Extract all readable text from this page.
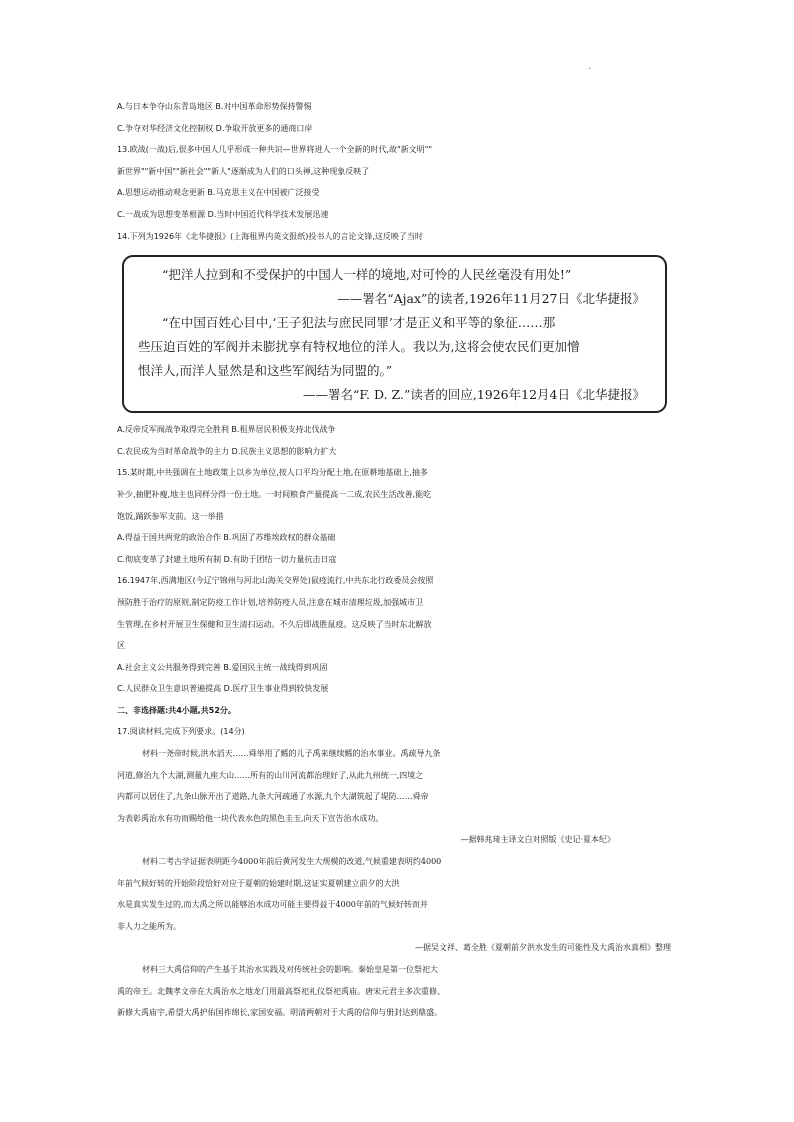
·
A.与日本争夺山东青岛地区 B.对中国革命形势保持警惕
C.争夺对华经济文化控制权 D.争取开放更多的通商口岸
13.欧战(一战)后,很多中国人几乎形成一种共识—世界将进人一个全新的时代,故"新文明""
新世界""新中国""新社会""新人"逐渐成为人们的口头禅,这种现象反映了
A.思想运动推动观念更新 B.马克思主义在中国被广泛接受
C.一战成为思想变革根源 D.当时中国近代科学技术发展迅速
14.下列为1926年《北华捷报》(上海租界内英文报纸)投书人的言论文锋,这反映了当时
“把洋人拉到和不受保护的中国人一样的境地,对可怜的人民丝毫没有用处!”
——署名“Ajax”的读者,1926年11月27日《北华捷报》
“在中国百姓心目中,‘王子犯法与庶民同罪’才是正义和平等的象征……那
些压迫百姓的军阀并未膨扰享有特权地位的洋人。我以为,这将会使农民们更加憎
恨洋人,而洋人显然是和这些军阀结为同盟的。”
——署名“F. D. Z.”读者的回应,1926年12月4日《北华捷报》
A.反帝反军阀战争取得完全胜利 B.租界居民积极支持北伐战争
C.农民成为当时革命战争的主力 D.民族主义思想的影响力扩大
15.某时期,中共强调在土地政策上以乡为单位,按人口平均分配土地,在原耕地基础上,抽多
补少,抽肥补瘦,地主也同样分得一份土地。一时间粮食产量提高一二成,农民生活改善,能吃
饱饭,踊跃参军支前。这一举措
A.得益于国共两党的政治合作 B.巩固了苏维埃政权的群众基础
C.彻底变革了封建土地所有制 D.有助于团结一切力量抗击日寇
16.1947年,西满地区(今辽宁锦州与河北山海关交界处)鼠疫流行,中共东北行政委员会按照
预防胜于治疗的原则,制定防疫工作计划,培养防疫人员,注意在城市清理垃圾,加强城市卫
生管理,在乡村开展卫生保健和卫生清扫运动。不久后即战胜鼠疫。这反映了当时东北解放
区
A.社会主义公共服务得到完善 B.爱国民主统一战线得到巩固
C.人民群众卫生意识普遍提高 D.医疗卫生事业得到较快发展
二、非选择题:共4小题,共52分。
17.阅读材料,完成下列要求。(14分)
材料一尧帝时候,洪水滔天……舜举用了鲧的儿子禹来继续鲧的治水事业。禹疏导九条
河道,修治九个大湖,测量九座大山……所有的山川河流都治理好了,从此九州统一,四境之
内都可以居住了,九条山脉开出了道路,九条大河疏通了水源,九个大湖筑起了堤防……舜帝
为表彰禹治水有功而赐给他一块代表水色的黑色圭玉,向天下宣告治水成功。
—据韩兆琦主译文白对照版《史记·夏本纪》
材料二考古学证据表明距今4000年前后黄河发生大规模的改道,气候重建表明约4000
年前气候好转的开始阶段恰好对应于夏朝的始建时期,这证实夏朝建立前夕的大洪
水是真实发生过的,而大禹之所以能够治水成功可能主要得益于4000年前的气候好转而并
非人力之能所为。
—据吴文祥、葛全胜《夏朝前夕洪水发生的可能性及大禹治水真相》整理
材料三大禹信仰的产生基于其治水实践及对传统社会的影响。秦始皇是第一位祭祀大
禹的帝王。北魏孝文帝在大禹治水之地龙门用最高祭祀礼仪祭祀禹庙。唐宋元君主多次重修、
新修大禹庙宇,希望大禹护佑国祚绵长,家国安福。明清两朝对于大禹的信仰与册封达到鼎盛。
